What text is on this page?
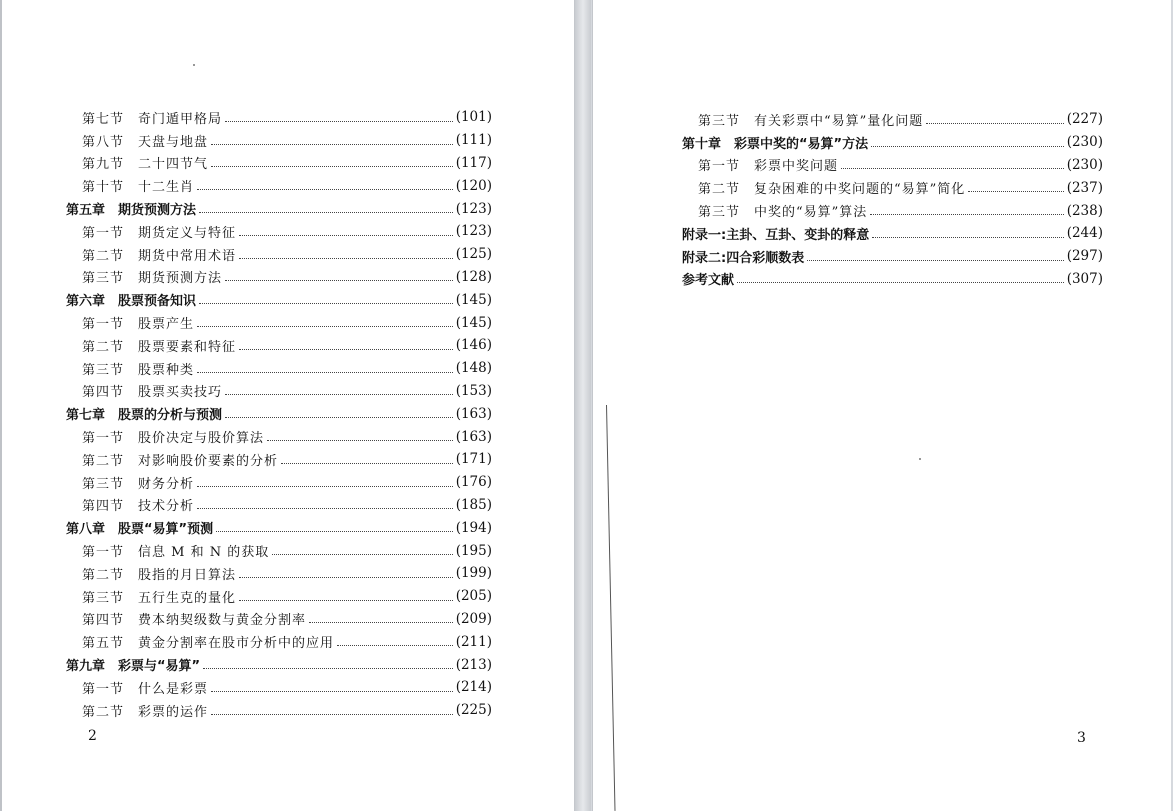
第七节　奇门遁甲格局	(101)
第八节　天盘与地盘	(111)
第九节　二十四节气	(117)
第十节　十二生肖	(120)
第五章　期货预测方法	(123)
第一节　期货定义与特征	(123)
第二节　期货中常用术语	(125)
第三节　期货预测方法	(128)
第六章　股票预备知识	(145)
第一节　股票产生	(145)
第二节　股票要素和特征	(146)
第三节　股票种类	(148)
第四节　股票买卖技巧	(153)
第七章　股票的分析与预测	(163)
第一节　股价决定与股价算法	(163)
第二节　对影响股价要素的分析	(171)
第三节　财务分析	(176)
第四节　技术分析	(185)
第八章　股票“易算”预测	(194)
第一节　信息 M 和 N 的获取	(195)
第二节　股指的月日算法	(199)
第三节　五行生克的量化	(205)
第四节　费本纳契级数与黄金分割率	(209)
第五节　黄金分割率在股市分析中的应用	(211)
第九章　彩票与“易算”	(213)
第一节　什么是彩票	(214)
第二节　彩票的运作	(225)
第三节　有关彩票中“易算”量化问题	(227)
第十章　彩票中奖的“易算”方法	(230)
第一节　彩票中奖问题	(230)
第二节　复杂困难的中奖问题的“易算”简化	(237)
第三节　中奖的“易算”算法	(238)
附录一:主卦、互卦、变卦的释意	(244)
附录二:四合彩顺数表	(297)
参考文献	(307)
2	3
